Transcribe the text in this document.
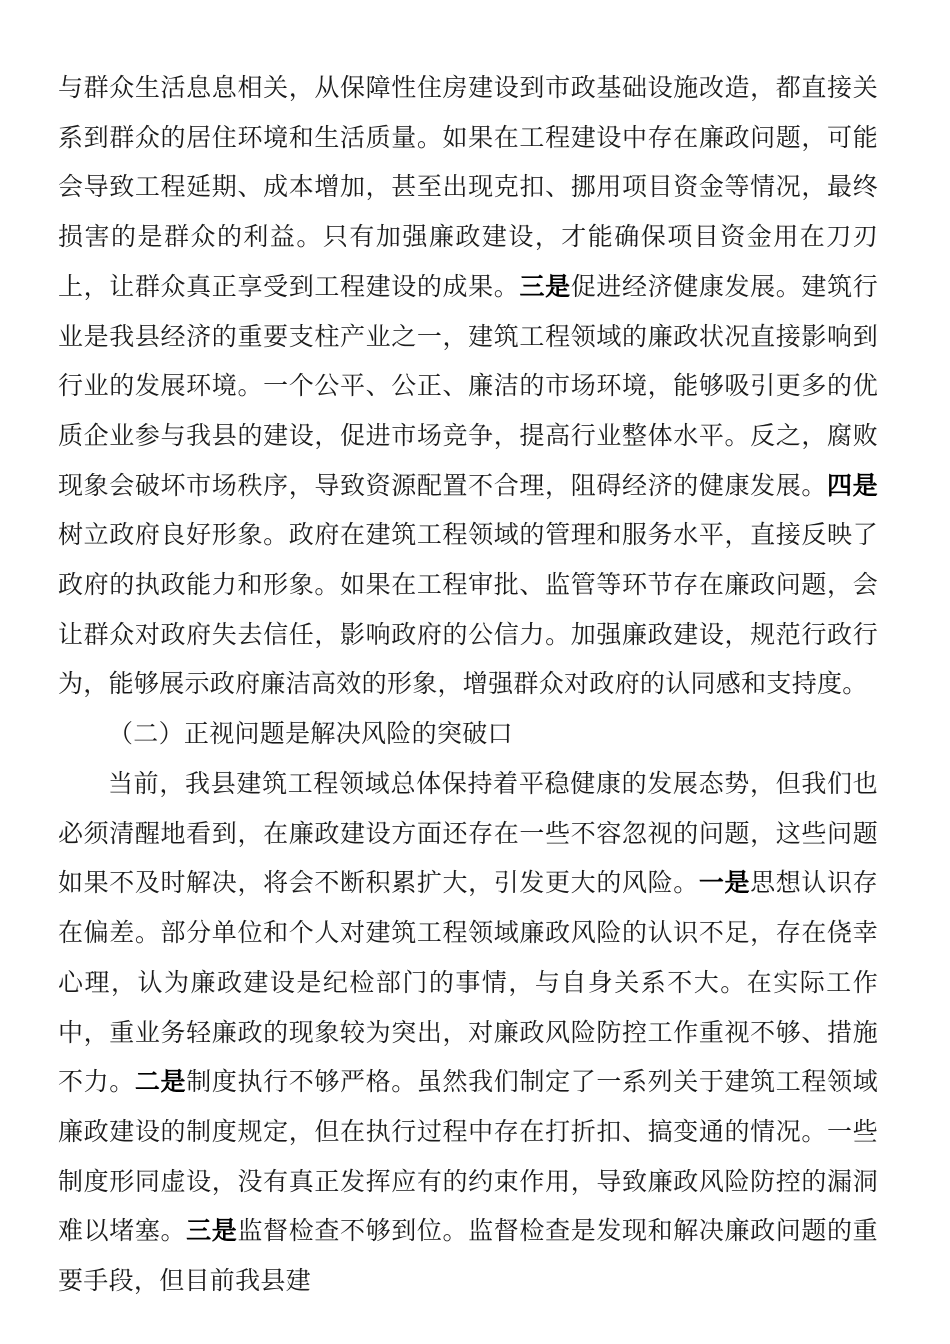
与群众生活息息相关，从保障性住房建设到市政基础设施改造，都直接关系到群众的居住环境和生活质量。如果在工程建设中存在廉政问题，可能会导致工程延期、成本增加，甚至出现克扣、挪用项目资金等情况，最终损害的是群众的利益。只有加强廉政建设，才能确保项目资金用在刀刃上，让群众真正享受到工程建设的成果。三是促进经济健康发展。建筑行业是我县经济的重要支柱产业之一，建筑工程领域的廉政状况直接影响到行业的发展环境。一个公平、公正、廉洁的市场环境，能够吸引更多的优质企业参与我县的建设，促进市场竞争，提高行业整体水平。反之，腐败现象会破坏市场秩序，导致资源配置不合理，阻碍经济的健康发展。四是树立政府良好形象。政府在建筑工程领域的管理和服务水平，直接反映了政府的执政能力和形象。如果在工程审批、监管等环节存在廉政问题，会让群众对政府失去信任，影响政府的公信力。加强廉政建设，规范行政行为，能够展示政府廉洁高效的形象，增强群众对政府的认同感和支持度。

（二）正视问题是解决风险的突破口

当前，我县建筑工程领域总体保持着平稳健康的发展态势，但我们也必须清醒地看到，在廉政建设方面还存在一些不容忽视的问题，这些问题如果不及时解决，将会不断积累扩大，引发更大的风险。一是思想认识存在偏差。部分单位和个人对建筑工程领域廉政风险的认识不足，存在侥幸心理，认为廉政建设是纪检部门的事情，与自身关系不大。在实际工作中，重业务轻廉政的现象较为突出，对廉政风险防控工作重视不够、措施不力。二是制度执行不够严格。虽然我们制定了一系列关于建筑工程领域廉政建设的制度规定，但在执行过程中存在打折扣、搞变通的情况。一些制度形同虚设，没有真正发挥应有的约束作用，导致廉政风险防控的漏洞难以堵塞。三是监督检查不够到位。监督检查是发现和解决廉政问题的重要手段，但目前我县建
